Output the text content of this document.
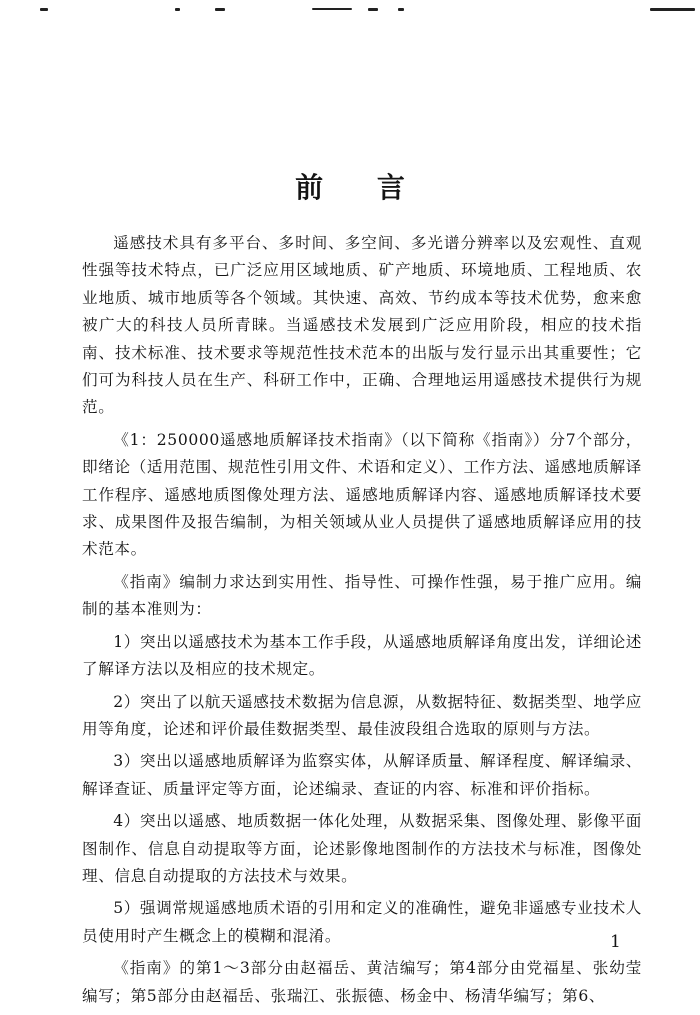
前 言

遥感技术具有多平台、多时间、多空间、多光谱分辨率以及宏观性、直观性强等技术特点，已广泛应用区域地质、矿产地质、环境地质、工程地质、农业地质、城市地质等各个领域。其快速、高效、节约成本等技术优势，愈来愈被广大的科技人员所青睐。当遥感技术发展到广泛应用阶段，相应的技术指南、技术标准、技术要求等规范性技术范本的出版与发行显示出其重要性；它们可为科技人员在生产、科研工作中，正确、合理地运用遥感技术提供行为规范。

《1：250000遥感地质解译技术指南》（以下简称《指南》）分7个部分，即绪论（适用范围、规范性引用文件、术语和定义）、工作方法、遥感地质解译工作程序、遥感地质图像处理方法、遥感地质解译内容、遥感地质解译技术要求、成果图件及报告编制，为相关领域从业人员提供了遥感地质解译应用的技术范本。

《指南》编制力求达到实用性、指导性、可操作性强，易于推广应用。编制的基本准则为：

1）突出以遥感技术为基本工作手段，从遥感地质解译角度出发，详细论述了解译方法以及相应的技术规定。

2）突出了以航天遥感技术数据为信息源，从数据特征、数据类型、地学应用等角度，论述和评价最佳数据类型、最佳波段组合选取的原则与方法。

3）突出以遥感地质解译为监察实体，从解译质量、解译程度、解译编录、解译查证、质量评定等方面，论述编录、查证的内容、标准和评价指标。

4）突出以遥感、地质数据一体化处理，从数据采集、图像处理、影像平面图制作、信息自动提取等方面，论述影像地图制作的方法技术与标准，图像处理、信息自动提取的方法技术与效果。

5）强调常规遥感地质术语的引用和定义的准确性，避免非遥感专业技术人员使用时产生概念上的模糊和混淆。

《指南》的第1～3部分由赵福岳、黄洁编写；第4部分由党福星、张幼莹编写；第5部分由赵福岳、张瑞江、张振德、杨金中、杨清华编写；第6、

1
